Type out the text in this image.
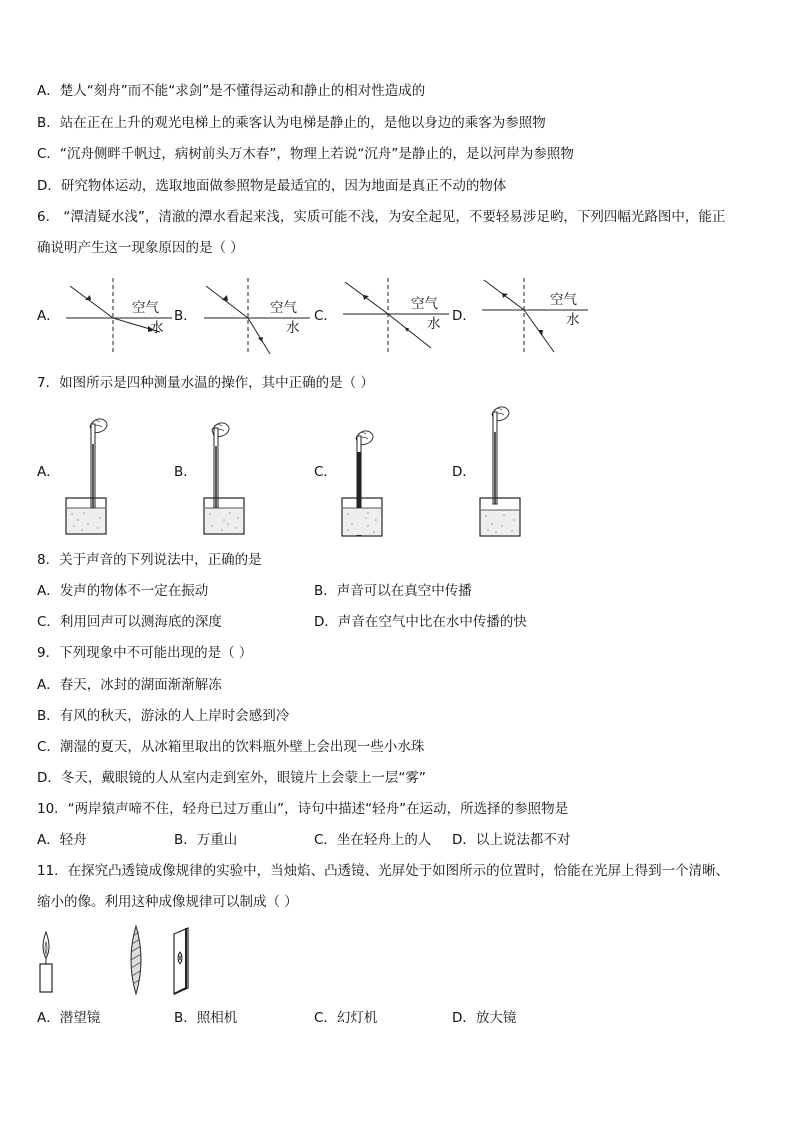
A．楚人“刻舟”而不能“求剑”是不懂得运动和静止的相对性造成的
B．站在正在上升的观光电梯上的乘客认为电梯是静止的，是他以身边的乘客为参照物
C．“沉舟侧畔千帆过，病树前头万木春”，物理上若说“沉舟”是静止的，是以河岸为参照物
D．研究物体运动，选取地面做参照物是最适宜的，因为地面是真正不动的物体
6． “潭清疑水浅”，清澈的潭水看起来浅，实质可能不浅，为安全起见，不要轻易涉足哟，下列四幅光路图中，能正
确说明产生这一现象原因的是（ ）
A．	B．	C．	D．
空气
水
空气
水
空气
水
空气
水
7．如图所示是四种测量水温的操作，其中正确的是（ ）
A．	B．	C．	D．
8．关于声音的下列说法中，正确的是
A．发声的物体不一定在振动	B．声音可以在真空中传播
C．利用回声可以测海底的深度	D．声音在空气中比在水中传播的快
9．下列现象中不可能出现的是（ ）
A．春天，冰封的湖面渐渐解冻
B．有风的秋天，游泳的人上岸时会感到冷
C．潮湿的夏天，从冰箱里取出的饮料瓶外壁上会出现一些小水珠
D．冬天，戴眼镜的人从室内走到室外，眼镜片上会蒙上一层“雾”
10．“两岸猿声啼不住，轻舟已过万重山”，诗句中描述“轻舟”在运动，所选择的参照物是
A．轻舟	B．万重山	C．坐在轻舟上的人 D．以上说法都不对
11．在探究凸透镜成像规律的实验中，当烛焰、凸透镜、光屏处于如图所示的位置时，恰能在光屏上得到一个清晰、
缩小的像。利用这种成像规律可以制成（ ）
A．潜望镜	B．照相机	C．幻灯机	D．放大镜
